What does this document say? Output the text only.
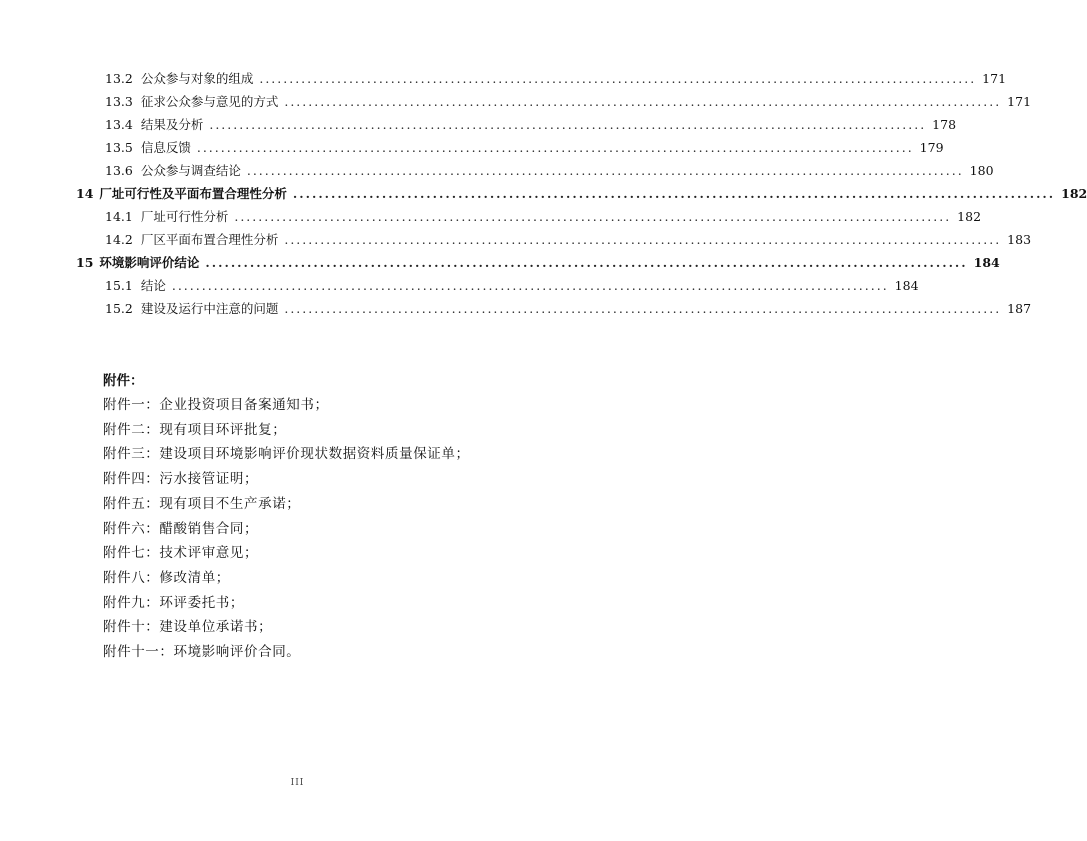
13.2 公众参与对象的组成 ........................................................................................................................ 171
13.3 征求公众参与意见的方式 ........................................................................................................................ 171
13.4 结果及分析 ........................................................................................................................ 178
13.5 信息反馈 ........................................................................................................................ 179
13.6 公众参与调查结论 ........................................................................................................................ 180
14 厂址可行性及平面布置合理性分析 ........................................................................................................................ 182
14.1 厂址可行性分析 ........................................................................................................................ 182
14.2 厂区平面布置合理性分析 ........................................................................................................................ 183
15 环境影响评价结论 ........................................................................................................................ 184
15.1 结论 ........................................................................................................................ 184
15.2 建设及运行中注意的问题 ........................................................................................................................ 187
附件：
附件一：企业投资项目备案通知书；
附件二：现有项目环评批复；
附件三：建设项目环境影响评价现状数据资料质量保证单；
附件四：污水接管证明；
附件五：现有项目不生产承诺；
附件六：醋酸销售合同；
附件七：技术评审意见；
附件八：修改清单；
附件九：环评委托书；
附件十：建设单位承诺书；
附件十一：环境影响评价合同。
III
